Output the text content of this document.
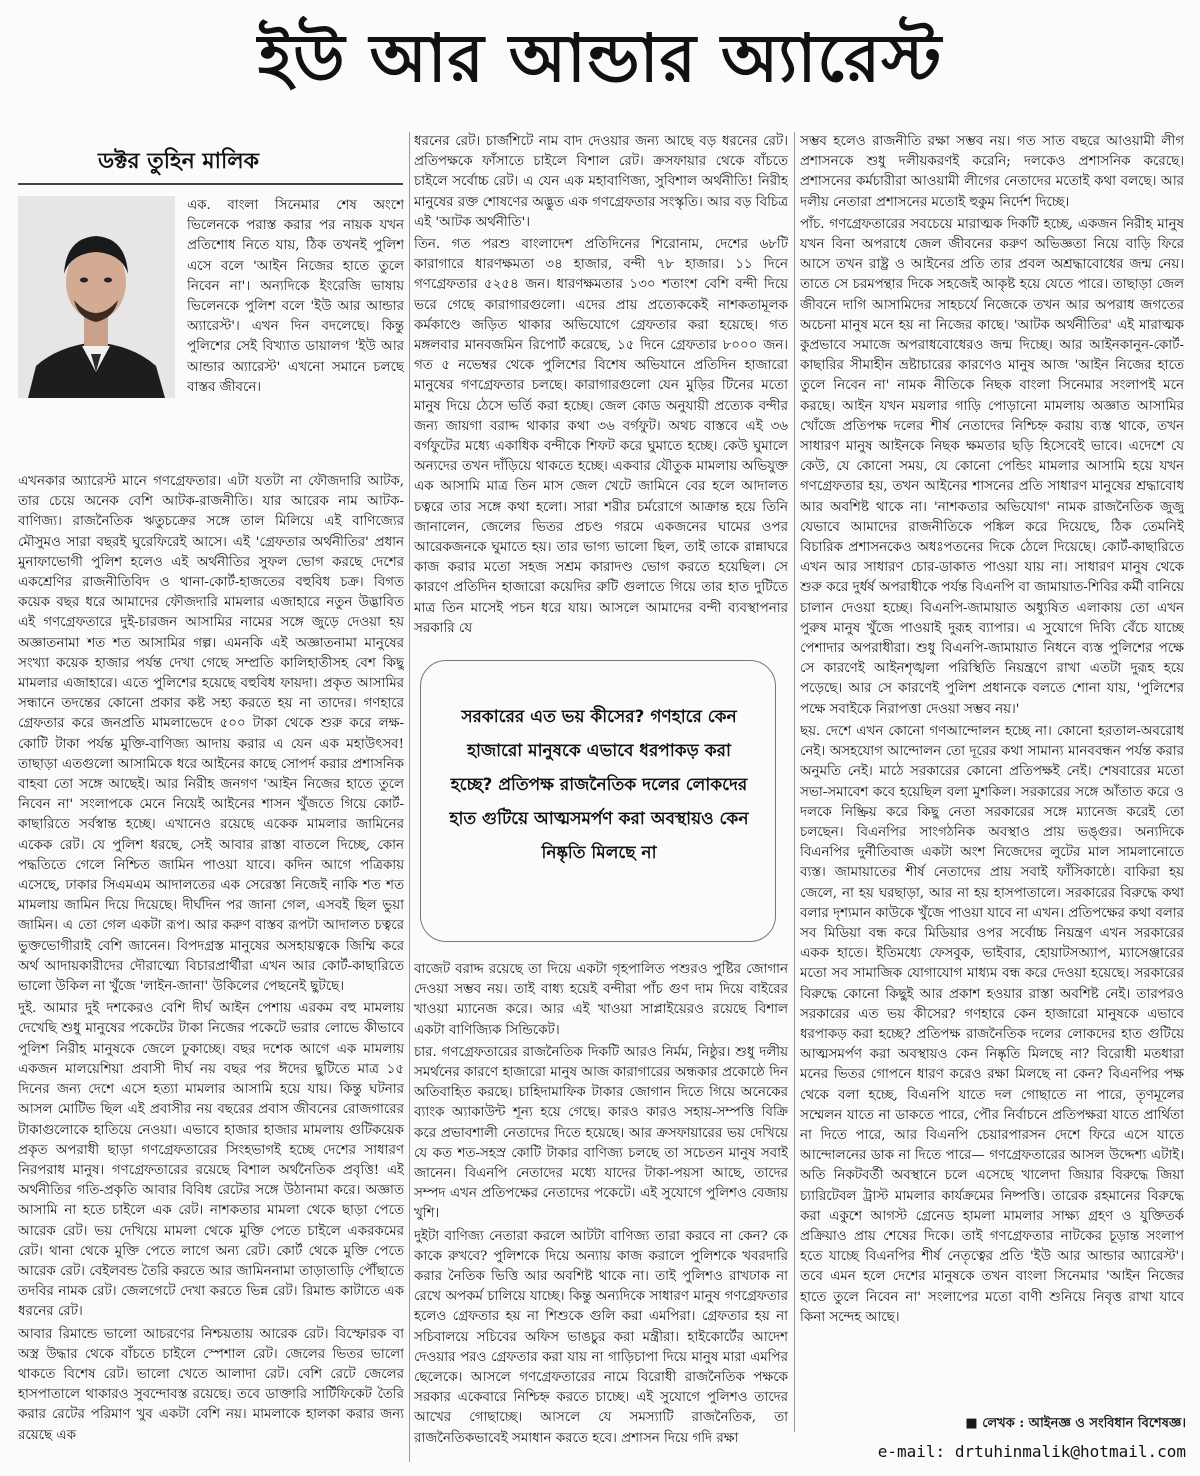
ইউ আর আন্ডার অ্যারেস্ট
ডক্টর তুহিন মালিক

এক. বাংলা সিনেমার শেষ অংশে ভিলেনকে পরাস্ত করার পর নায়ক যখন প্রতিশোধ নিতে যায়, ঠিক তখনই পুলিশ এসে বলে 'আইন নিজের হাতে তুলে নিবেন না'। অন্যদিকে ইংরেজি ভাষায় ভিলেনকে পুলিশ বলে 'ইউ আর আন্ডার অ্যারেস্ট'। এখন দিন বদলেছে। কিন্তু পুলিশের সেই বিখ্যাত ডায়ালগ 'ইউ আর আন্ডার অ্যারেস্ট' এখনো সমানে চলছে বাস্তব জীবনে।

এখনকার অ্যারেস্ট মানে গণগ্রেফতার। এটা যতটা না ফৌজদারি আটক, তার চেয়ে অনেক বেশি আটক-রাজনীতি। যার আরেক নাম আটক-বাণিজ্য। রাজনৈতিক ঋতুচক্রের সঙ্গে তাল মিলিয়ে এই বাণিজ্যের মৌসুমও সারা বছরই ঘুরেফিরেই আসে। এই 'গ্রেফতার অর্থনীতির' প্রধান মুনাফাভোগী পুলিশ হলেও এই অর্থনীতির সুফল ভোগ করছে দেশের একশ্রেণির রাজনীতিবিদ ও থানা-কোর্ট-হাজতের বহুবিধ চক্র। বিগত কয়েক বছর ধরে আমাদের ফৌজদারি মামলার এজাহারে নতুন উদ্ভাবিত এই গণগ্রেফতারে দুই-চারজন আসামির নামের সঙ্গে জুড়ে দেওয়া হয় অজ্ঞাতনামা শত শত আসামির গল্প। এমনকি এই অজ্ঞাতনামা মানুষের সংখ্যা কয়েক হাজার পর্যন্ত দেখা গেছে সম্প্রতি কালিহাতীসহ বেশ কিছু মামলার এজাহারে। এতে পুলিশের হয়েছে বহুবিধ ফায়দা। প্রকৃত আসামির সন্ধানে তদন্তের কোনো প্রকার কষ্ট সহ্য করতে হয় না তাদের। গণহারে গ্রেফতার করে জনপ্রতি মামলাভেদে ৫০০ টাকা থেকে শুরু করে লক্ষ-কোটি টাকা পর্যন্ত মুক্তি-বাণিজ্য আদায় করার এ যেন এক মহাউৎসব! তাছাড়া এতগুলো আসামিকে ধরে আইনের কাছে সোপর্দ করার প্রশাসনিক বাহবা তো সঙ্গে আছেই। আর নিরীহ জনগণ 'আইন নিজের হাতে তুলে নিবেন না' সংলাপকে মেনে নিয়েই আইনের শাসন খুঁজতে গিয়ে কোর্ট-কাছারিতে সর্বস্বান্ত হচ্ছে। এখানেও রয়েছে একেক মামলার জামিনের একেক রেট। যে পুলিশ ধরছে, সেই আবার রাস্তা বাতলে দিচ্ছে, কোন পদ্ধতিতে গেলে নিশ্চিত জামিন পাওয়া যাবে। কদিন আগে পত্রিকায় এসেছে, ঢাকার সিএমএম আদালতের এক সেরেস্তা নিজেই নাকি শত শত মামলায় জামিন দিয়ে দিয়েছে। দীর্ঘদিন পর জানা গেল, এসবই ছিল ভুয়া জামিন। এ তো গেল একটা রূপ। আর করুণ বাস্তব রূপটা আদালত চত্বরে ভুক্তভোগীরাই বেশি জানেন। বিপদগ্রস্ত মানুষের অসহায়ত্বকে জিম্মি করে অর্থ আদায়কারীদের দৌরাত্ম্যে বিচারপ্রার্থীরা এখন আর কোর্ট-কাছারিতে ভালো উকিল না খুঁজে 'লাইন-জানা' উকিলের পেছনেই ছুটছে।

দুই. আমার দুই দশকেরও বেশি দীর্ঘ আইন পেশায় এরকম বহু মামলায় দেখেছি শুধু মানুষের পকেটের টাকা নিজের পকেটে ভরার লোভে কীভাবে পুলিশ নিরীহ মানুষকে জেলে ঢুকাচ্ছে। বছর দশেক আগে এক মামলায় একজন মালয়েশিয়া প্রবাসী দীর্ঘ নয় বছর পর ঈদের ছুটিতে মাত্র ১৫ দিনের জন্য দেশে এসে হত্যা মামলার আসামি হয়ে যায়। কিন্তু ঘটনার আসল মোটিভ ছিল এই প্রবাসীর নয় বছরের প্রবাস জীবনের রোজগারের টাকাগুলোকে হাতিয়ে নেওয়া। এভাবে হাজার হাজার মামলায় গুটিকয়েক প্রকৃত অপরাধী ছাড়া গণগ্রেফতারের সিংহভাগই হচ্ছে দেশের সাধারণ নিরপরাধ মানুষ। গণগ্রেফতারের রয়েছে বিশাল অর্থনৈতিক প্রবৃত্তি! এই অর্থনীতির গতি-প্রকৃতি আবার বিবিধ রেটের সঙ্গে উঠানামা করে। অজ্ঞাত আসামি না হতে চাইলে এক রেট। নাশকতার মামলা থেকে ছাড়া পেতে আরেক রেট। ভয় দেখিয়ে মামলা থেকে মুক্তি পেতে চাইলে একরকমের রেট। থানা থেকে মুক্তি পেতে লাগে অন্য রেট। কোর্ট থেকে মুক্তি পেতে আরেক রেট। বেইলবন্ড তৈরি করতে আর জামিননামা তাড়াতাড়ি পৌঁছাতে তদবির নামক রেট। জেলগেটে দেখা করতে ভিন্ন রেট। রিমান্ড কাটাতে এক ধরনের রেট।

আবার রিমান্ডে ভালো আচরণের নিশ্চয়তায় আরেক রেট। বিস্ফোরক বা অস্ত্র উদ্ধার থেকে বাঁচতে চাইলে স্পেশাল রেট। জেলের ভিতর ভালো থাকতে বিশেষ রেট। ভালো খেতে আলাদা রেট। বেশি রেটে জেলের হাসপাতালে থাকারও সুবন্দোবস্ত রয়েছে। তবে ডাক্তারি সার্টিফিকেট তৈরি করার রেটের পরিমাণ খুব একটা বেশি নয়। মামলাকে হালকা করার জন্য রয়েছে এক

ধরনের রেট। চার্জশিটে নাম বাদ দেওয়ার জন্য আছে বড় ধরনের রেট। প্রতিপক্ষকে ফাঁসাতে চাইলে বিশাল রেট। ক্রসফায়ার থেকে বাঁচতে চাইলে সর্বোচ্চ রেট। এ যেন এক মহাবাণিজ্য, সুবিশাল অর্থনীতি! নিরীহ মানুষের রক্ত শোষণের অদ্ভুত এক গণগ্রেফতার সংস্কৃতি। আর বড় বিচিত্র এই 'আটক অর্থনীতি'।

তিন. গত পরশু বাংলাদেশ প্রতিদিনের শিরোনাম, দেশের ৬৮টি কারাগারে ধারণক্ষমতা ৩৪ হাজার, বন্দী ৭৮ হাজার। ১১ দিনে গণগ্রেফতার ৫২৫৪ জন। ধারণক্ষমতার ১৩০ শতাংশ বেশি বন্দী দিয়ে ভরে গেছে কারাগারগুলো। এদের প্রায় প্রত্যেককেই নাশকতামূলক কর্মকাণ্ডে জড়িত থাকার অভিযোগে গ্রেফতার করা হয়েছে। গত মঙ্গলবার মানবজমিন রিপোর্ট করেছে, ১৫ দিনে গ্রেফতার ৮০০০ জন। গত ৫ নভেম্বর থেকে পুলিশের বিশেষ অভিযানে প্রতিদিন হাজারো মানুষের গণগ্রেফতার চলছে। কারাগারগুলো যেন মুড়ির টিনের মতো মানুষ দিয়ে ঠেসে ভর্তি করা হচ্ছে। জেল কোড অনুযায়ী প্রত্যেক বন্দীর জন্য জায়গা বরাদ্দ থাকার কথা ৩৬ বর্গফুট। অথচ বাস্তবে এই ৩৬ বর্গফুটের মধ্যে একাধিক বন্দীকে শিফট করে ঘুমাতে হচ্ছে। কেউ ঘুমালে অন্যদের তখন দাঁড়িয়ে থাকতে হচ্ছে। একবার যৌতুক মামলায় অভিযুক্ত এক আসামি মাত্র তিন মাস জেল খেটে জামিনে বের হলে আদালত চত্বরে তার সঙ্গে কথা হলো। সারা শরীর চর্মরোগে আক্রান্ত হয়ে তিনি জানালেন, জেলের ভিতর প্রচণ্ড গরমে একজনের ঘামের ওপর আরেকজনকে ঘুমাতে হয়। তার ভাগ্য ভালো ছিল, তাই তাকে রান্নাঘরে কাজ করার মতো সহজ সশ্রম কারাদণ্ড ভোগ করতে হয়েছিল। সে কারণে প্রতিদিন হাজারো কয়েদির রুটি গুলাতে গিয়ে তার হাত দুটিতে মাত্র তিন মাসেই পচন ধরে যায়। আসলে আমাদের বন্দী ব্যবস্থাপনার সরকারি যে

সরকারের এত ভয় কীসের? গণহারে কেন হাজারো মানুষকে এভাবে ধরপাকড় করা হচ্ছে? প্রতিপক্ষ রাজনৈতিক দলের লোকদের হাত গুটিয়ে আত্মসমর্পণ করা অবস্থায়ও কেন নিষ্কৃতি মিলছে না

বাজেট বরাদ্দ রয়েছে তা দিয়ে একটা গৃহপালিত পশুরও পুষ্টির জোগান দেওয়া সম্ভব নয়। তাই বাধ্য হয়েই বন্দীরা পাঁচ গুণ দাম দিয়ে বাইরের খাওয়া ম্যানেজ করে। আর এই খাওয়া সাপ্লাইয়েরও রয়েছে বিশাল একটা বাণিজ্যিক সিন্ডিকেট।

চার. গণগ্রেফতারের রাজনৈতিক দিকটি আরও নির্মম, নিষ্ঠুর। শুধু দলীয় সমর্থনের কারণে হাজারো মানুষ আজ কারাগারের অন্ধকার প্রকোষ্ঠে দিন অতিবাহিত করছে। চাহিদামাফিক টাকার জোগান দিতে গিয়ে অনেকের ব্যাংক অ্যাকাউন্ট শূন্য হয়ে গেছে। কারও কারও সহায়-সম্পত্তি বিক্রি করে প্রভাবশালী নেতাদের দিতে হয়েছে। আর ক্রসফায়ারের ভয় দেখিয়ে যে কত শত-সহস্র কোটি টাকার বাণিজ্য চলছে তা সচেতন মানুষ সবাই জানেন। বিএনপি নেতাদের মধ্যে যাদের টাকা-পয়সা আছে, তাদের সম্পদ এখন প্রতিপক্ষের নেতাদের পকেটে। এই সুযোগে পুলিশও বেজায় খুশি।

দুইটা বাণিজ্য নেতারা করলে আটটা বাণিজ্য তারা করবে না কেন? কে কাকে রুখবে? পুলিশকে দিয়ে অন্যায় কাজ করালে পুলিশকে খবরদারি করার নৈতিক ভিত্তি আর অবশিষ্ট থাকে না। তাই পুলিশও রাখঢাক না রেখে অপকর্ম চালিয়ে যাচ্ছে। কিন্তু অন্যদিকে সাধারণ মানুষ গণগ্রেফতার হলেও গ্রেফতার হয় না শিশুকে গুলি করা এমপিরা। গ্রেফতার হয় না সচিবালয়ে সচিবের অফিস ভাঙচুর করা মন্ত্রীরা। হাইকোর্টের আদেশ দেওয়ার পরও গ্রেফতার করা যায় না গাড়িচাপা দিয়ে মানুষ মারা এমপির ছেলেকে। আসলে গণগ্রেফতারের নামে বিরোধী রাজনৈতিক পক্ষকে সরকার একেবারে নিশ্চিহ্ন করতে চাচ্ছে। এই সুযোগে পুলিশও তাদের আখের গোছাচ্ছে। আসলে যে সমস্যাটি রাজনৈতিক, তা রাজনৈতিকভাবেই সমাধান করতে হবে। প্রশাসন দিয়ে গদি রক্ষা

সম্ভব হলেও রাজনীতি রক্ষা সম্ভব নয়। গত সাত বছরে আওয়ামী লীগ প্রশাসনকে শুধু দলীয়করণই করেনি; দলকেও প্রশাসনিক করেছে। প্রশাসনের কর্মচারীরা আওয়ামী লীগের নেতাদের মতোই কথা বলছে। আর দলীয় নেতারা প্রশাসনের মতোই হুকুম নির্দেশ দিচ্ছে।

পাঁচ. গণগ্রেফতারের সবচেয়ে মারাত্মক দিকটি হচ্ছে, একজন নিরীহ মানুষ যখন বিনা অপরাধে জেল জীবনের করুণ অভিজ্ঞতা নিয়ে বাড়ি ফিরে আসে তখন রাষ্ট্র ও আইনের প্রতি তার প্রবল অশ্রদ্ধাবোধের জন্ম নেয়। তাতে সে চরমপন্থার দিকে সহজেই আকৃষ্ট হয়ে যেতে পারে। তাছাড়া জেল জীবনে দাগি আসামিদের সাহচর্যে নিজেকে তখন আর অপরাধ জগতের অচেনা মানুষ মনে হয় না নিজের কাছে। 'আটক অর্থনীতির' এই মারাত্মক কুপ্রভাবে সমাজে অপরাধবোধেরও জন্ম দিচ্ছে। আর আইনকানুন-কোর্ট-কাছারির সীমাহীন ভ্রষ্টাচারের কারণেও মানুষ আজ 'আইন নিজের হাতে তুলে নিবেন না' নামক নীতিকে নিছক বাংলা সিনেমার সংলাপই মনে করছে। আইন যখন ময়লার গাড়ি পোড়ানো মামলায় অজ্ঞাত আসামির খোঁজে প্রতিপক্ষ দলের শীর্ষ নেতাদের নিশ্চিহ্ন করায় ব্যস্ত থাকে, তখন সাধারণ মানুষ আইনকে নিছক ক্ষমতার ছড়ি হিসেবেই ভাবে। এদেশে যে কেউ, যে কোনো সময়, যে কোনো পেন্ডিং মামলার আসামি হয়ে যখন গণগ্রেফতার হয়, তখন আইনের শাসনের প্রতি সাধারণ মানুষের শ্রদ্ধাবোধ আর অবশিষ্ট থাকে না। 'নাশকতার অভিযোগ' নামক রাজনৈতিক জুজু যেভাবে আমাদের রাজনীতিকে পঙ্কিল করে দিয়েছে, ঠিক তেমনিই বিচারিক প্রশাসনকেও অধঃপতনের দিকে ঠেলে দিয়েছে। কোর্ট-কাছারিতে এখন আর সাধারণ চোর-ডাকাত পাওয়া যায় না। সাধারণ মানুষ থেকে শুরু করে দুর্ধর্ষ অপরাধীকে পর্যন্ত বিএনপি বা জামায়াত-শিবির কর্মী বানিয়ে চালান দেওয়া হচ্ছে। বিএনপি-জামায়াত অধ্যুষিত এলাকায় তো এখন পুরুষ মানুষ খুঁজে পাওয়াই দুরূহ ব্যাপার। এ সুযোগে দিব্যি বেঁচে যাচ্ছে পেশাদার অপরাধীরা। শুধু বিএনপি-জামায়াত নিধনে ব্যস্ত পুলিশের পক্ষে সে কারণেই আইনশৃঙ্খলা পরিস্থিতি নিয়ন্ত্রণে রাখা এতটা দুরূহ হয়ে পড়েছে। আর সে কারণেই পুলিশ প্রধানকে বলতে শোনা যায়, 'পুলিশের পক্ষে সবাইকে নিরাপত্তা দেওয়া সম্ভব নয়।'

ছয়. দেশে এখন কোনো গণআন্দোলন হচ্ছে না। কোনো হরতাল-অবরোধ নেই। অসহযোগ আন্দোলন তো দূরের কথা সামান্য মানববন্ধন পর্যন্ত করার অনুমতি নেই। মাঠে সরকারের কোনো প্রতিপক্ষই নেই। শেষবারের মতো সভা-সমাবেশ কবে হয়েছিল বলা মুশকিল। সরকারের সঙ্গে আঁতাত করে ও দলকে নিষ্ক্রিয় করে কিছু নেতা সরকারের সঙ্গে ম্যানেজ করেই তো চলছেন। বিএনপির সাংগঠনিক অবস্থাও প্রায় ভঙ্গুর। অন্যদিকে বিএনপির দুর্নীতিবাজ একটা অংশ নিজেদের লুটের মাল সামলানোতে ব্যস্ত। জামায়াতের শীর্ষ নেতাদের প্রায় সবাই ফাঁসিকাষ্ঠে। বাকিরা হয় জেলে, না হয় ঘরছাড়া, আর না হয় হাসপাতালে। সরকারের বিরুদ্ধে কথা বলার দৃশ্যমান কাউকে খুঁজে পাওয়া যাবে না এখন। প্রতিপক্ষের কথা বলার সব মিডিয়া বন্ধ করে মিডিয়ার ওপর সর্বোচ্চ নিয়ন্ত্রণ এখন সরকারের একক হাতে। ইতিমধ্যে ফেসবুক, ভাইবার, হোয়াটসঅ্যাপ, ম্যাসেঞ্জারের মতো সব সামাজিক যোগাযোগ মাধ্যম বন্ধ করে দেওয়া হয়েছে। সরকারের বিরুদ্ধে কোনো কিছুই আর প্রকাশ হওয়ার রাস্তা অবশিষ্ট নেই। তারপরও সরকারের এত ভয় কীসের? গণহারে কেন হাজারো মানুষকে এভাবে ধরপাকড় করা হচ্ছে? প্রতিপক্ষ রাজনৈতিক দলের লোকদের হাত গুটিয়ে আত্মসমর্পণ করা অবস্থায়ও কেন নিষ্কৃতি মিলছে না? বিরোধী মতধারা মনের ভিতর গোপনে ধারণ করেও রক্ষা মিলছে না কেন? বিএনপির পক্ষ থেকে বলা হচ্ছে, বিএনপি যাতে দল গোছাতে না পারে, তৃণমূলের সম্মেলন যাতে না ডাকতে পারে, পৌর নির্বাচনে প্রতিপক্ষরা যাতে প্রার্থিতা না দিতে পারে, আর বিএনপি চেয়ারপারসন দেশে ফিরে এসে যাতে আন্দোলনের ডাক না দিতে পারে— গণগ্রেফতারের আসল উদ্দেশ্য এটাই। অতি নিকটবর্তী অবস্থানে চলে এসেছে খালেদা জিয়ার বিরুদ্ধে জিয়া চ্যারিটেবল ট্রাস্ট মামলার কার্যক্রমের নিষ্পত্তি। তারেক রহমানের বিরুদ্ধে করা একুশে আগস্ট গ্রেনেড হামলা মামলার সাক্ষ্য গ্রহণ ও যুক্তিতর্ক প্রক্রিয়াও প্রায় শেষের দিকে। তাই গণগ্রেফতার নাটকের চূড়ান্ত সংলাপ হতে যাচ্ছে বিএনপির শীর্ষ নেতৃত্বের প্রতি 'ইউ আর আন্ডার অ্যারেস্ট'। তবে এমন হলে দেশের মানুষকে তখন বাংলা সিনেমার 'আইন নিজের হাতে তুলে নিবেন না' সংলাপের মতো বাণী শুনিয়ে নিবৃত্ত রাখা যাবে কিনা সন্দেহ আছে।

■ লেখক : আইনজ্ঞ ও সংবিধান বিশেষজ্ঞ।
e-mail: drtuhinmalik@hotmail.com
